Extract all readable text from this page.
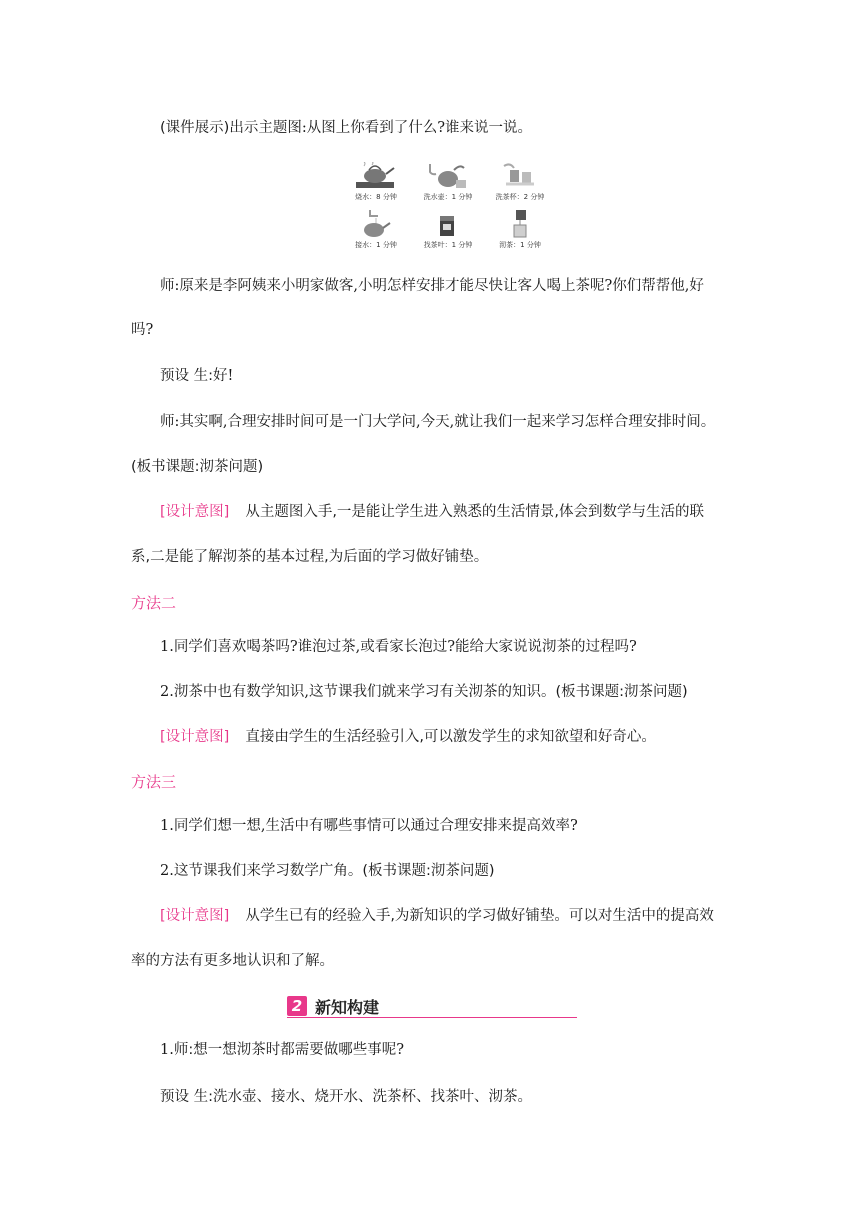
(课件展示)出示主题图:从图上你看到了什么?谁来说一说。
烧水：8 分钟	洗水壶：1 分钟	洗茶杯：2 分钟
接水：1 分钟	找茶叶：1 分钟	沏茶：1 分钟
师:原来是李阿姨来小明家做客,小明怎样安排才能尽快让客人喝上茶呢?你们帮帮他,好
吗?
预设 生:好!
师:其实啊,合理安排时间可是一门大学问,今天,就让我们一起来学习怎样合理安排时间。
(板书课题:沏茶问题)
[设计意图] 从主题图入手,一是能让学生进入熟悉的生活情景,体会到数学与生活的联
系,二是能了解沏茶的基本过程,为后面的学习做好铺垫。
方法二
1.同学们喜欢喝茶吗?谁泡过茶,或看家长泡过?能给大家说说沏茶的过程吗?
2.沏茶中也有数学知识,这节课我们就来学习有关沏茶的知识。(板书课题:沏茶问题)
[设计意图] 直接由学生的生活经验引入,可以激发学生的求知欲望和好奇心。
方法三
1.同学们想一想,生活中有哪些事情可以通过合理安排来提高效率?
2.这节课我们来学习数学广角。(板书课题:沏茶问题)
[设计意图] 从学生已有的经验入手,为新知识的学习做好铺垫。可以对生活中的提高效
率的方法有更多地认识和了解。
2 新知构建
1.师:想一想沏茶时都需要做哪些事呢?
预设 生:洗水壶、接水、烧开水、洗茶杯、找茶叶、沏茶。
